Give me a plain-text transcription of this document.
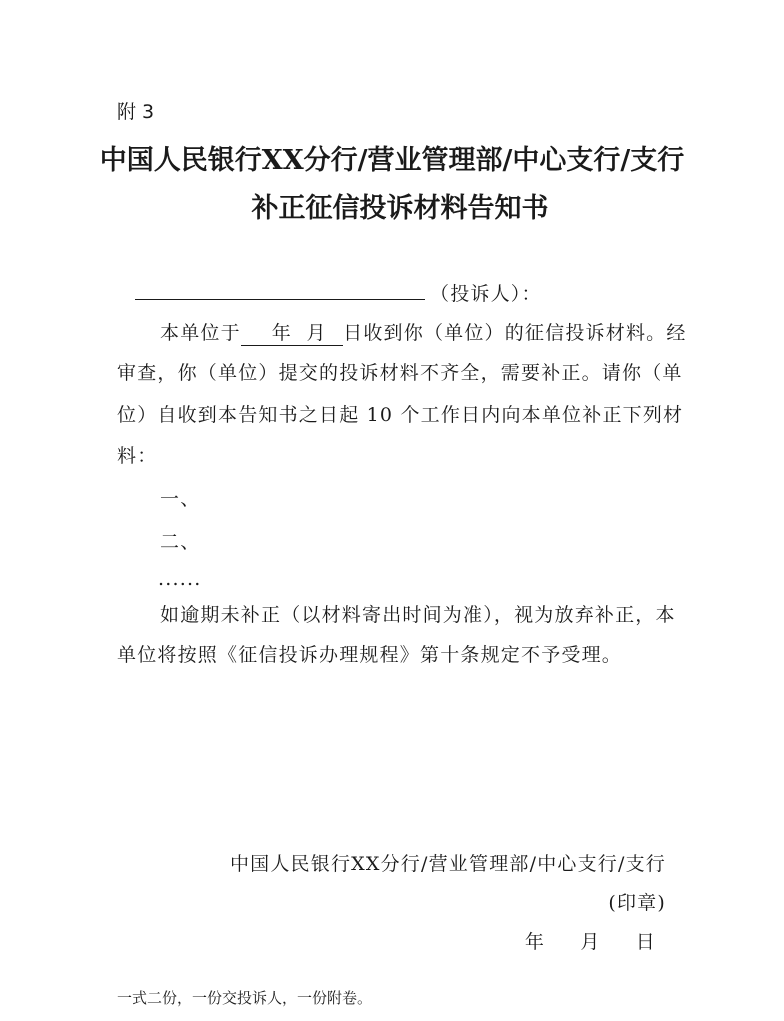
附 3
中国人民银行XX分行/营业管理部/中心支行/支行
补正征信投诉材料告知书
（投诉人）：
本单位于    年  月  日收到你（单位）的征信投诉材料。经
审查，你（单位）提交的投诉材料不齐全，需要补正。请你（单
位）自收到本告知书之日起 10 个工作日内向本单位补正下列材
料：
一、
二、
......
如逾期未补正（以材料寄出时间为准），视为放弃补正，本
单位将按照《征信投诉办理规程》第十条规定不予受理。
中国人民银行XX分行/营业管理部/中心支行/支行
(印章)
年 月 日
一式二份，一份交投诉人，一份附卷。
